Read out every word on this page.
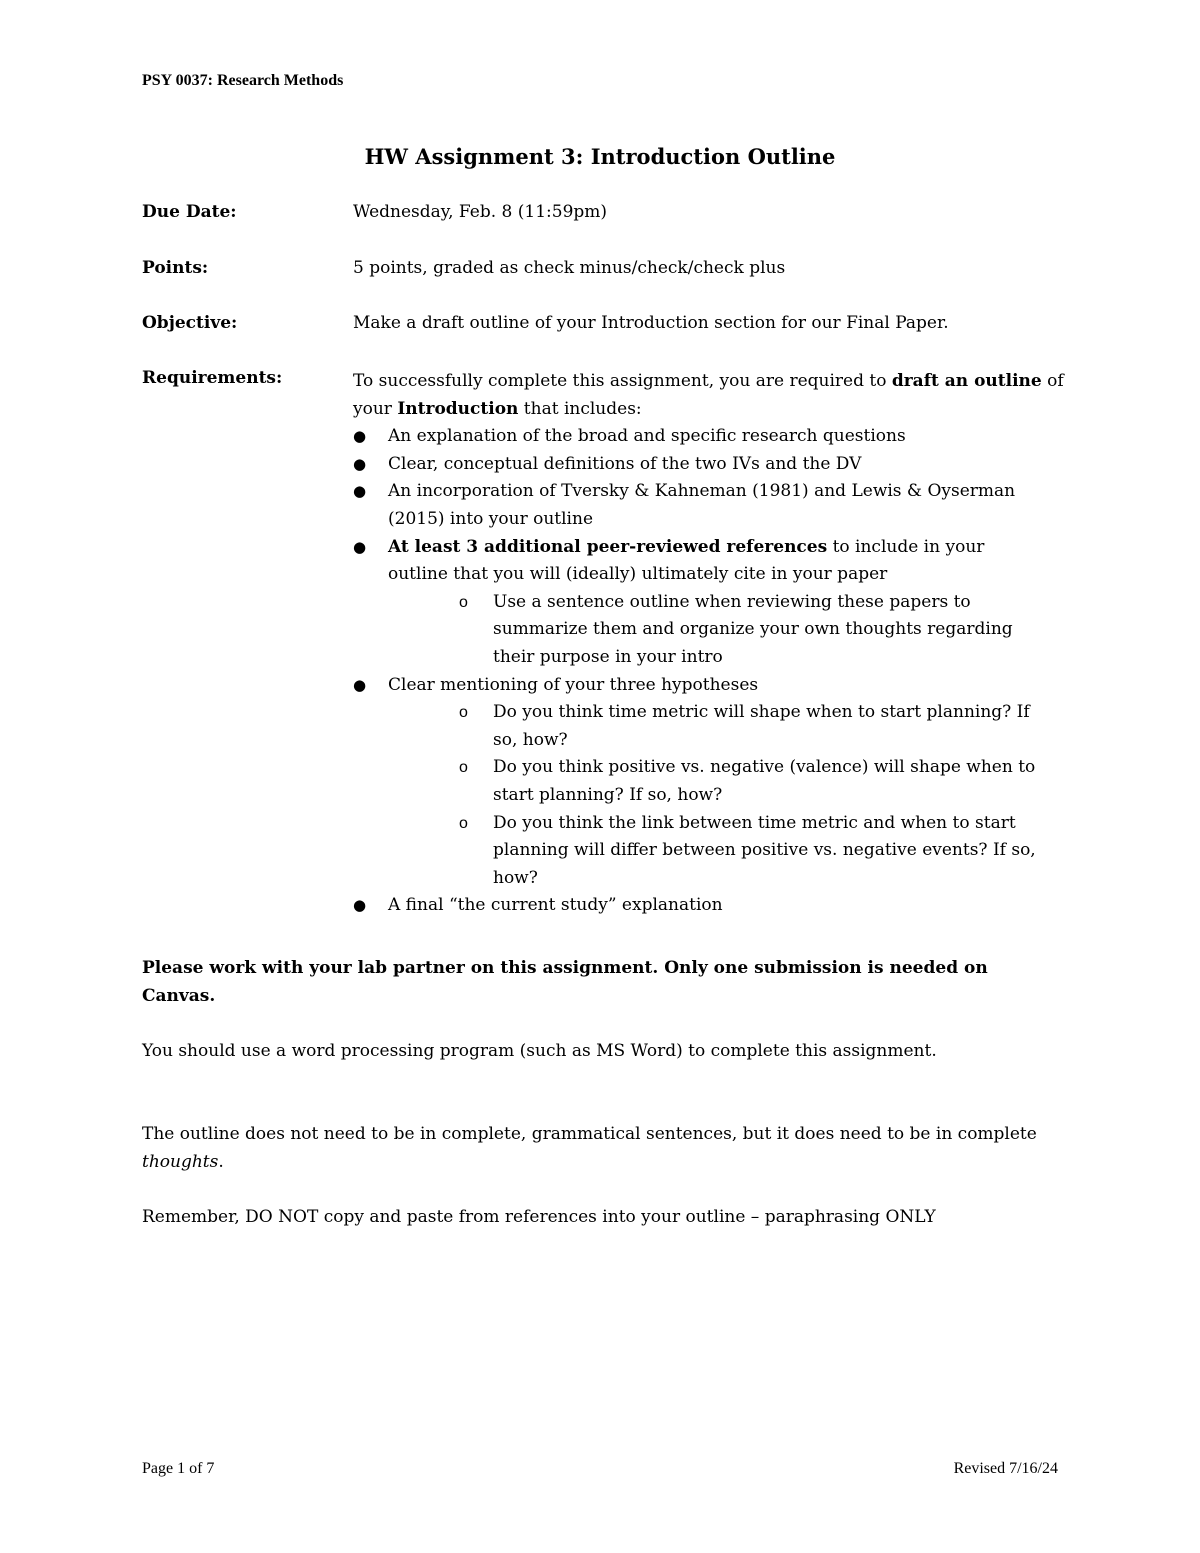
PSY 0037: Research Methods
HW Assignment 3: Introduction Outline
Due Date:	Wednesday, Feb. 8 (11:59pm)
Points:	5 points, graded as check minus/check/check plus
Objective:	Make a draft outline of your Introduction section for our Final Paper.
Requirements:	To successfully complete this assignment, you are required to draft an outline of your Introduction that includes:
●	An explanation of the broad and specific research questions
●	Clear, conceptual definitions of the two IVs and the DV
●	An incorporation of Tversky & Kahneman (1981) and Lewis & Oyserman (2015) into your outline
●	At least 3 additional peer-reviewed references to include in your outline that you will (ideally) ultimately cite in your paper
o Use a sentence outline when reviewing these papers to summarize them and organize your own thoughts regarding their purpose in your intro
●	Clear mentioning of your three hypotheses
o Do you think time metric will shape when to start planning? If so, how?
o Do you think positive vs. negative (valence) will shape when to start planning? If so, how?
o Do you think the link between time metric and when to start planning will differ between positive vs. negative events? If so, how?
●	A final “the current study” explanation
Please work with your lab partner on this assignment. Only one submission is needed on Canvas.
You should use a word processing program (such as MS Word) to complete this assignment.
The outline does not need to be in complete, grammatical sentences, but it does need to be in complete thoughts.
Remember, DO NOT copy and paste from references into your outline – paraphrasing ONLY
Page 1 of 7	Revised 7/16/24
